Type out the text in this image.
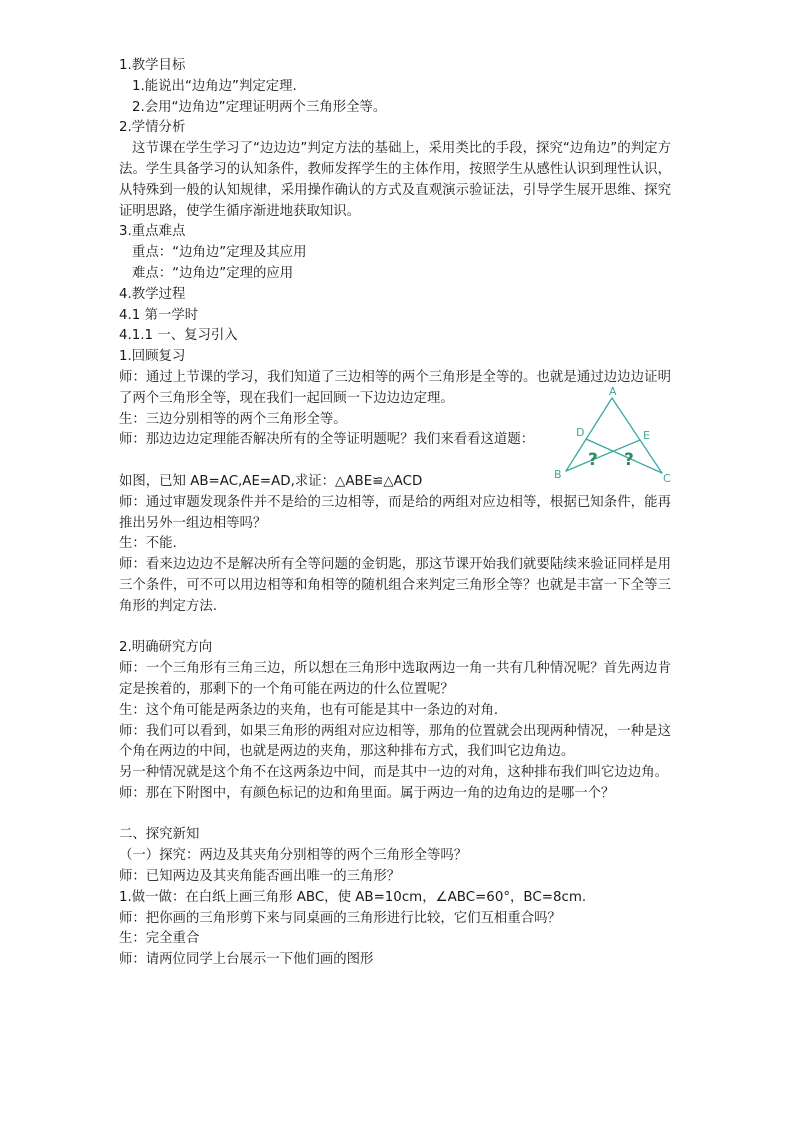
1.教学目标
1.能说出“边角边”判定定理.
2.会用“边角边”定理证明两个三角形全等。
2.学情分析
这节课在学生学习了“边边边”判定方法的基础上，采用类比的手段，探究“边角边”的判定方法。学生具备学习的认知条件，教师发挥学生的主体作用，按照学生从感性认识到理性认识，从特殊到一般的认知规律，采用操作确认的方式及直观演示验证法，引导学生展开思维、探究证明思路，使学生循序渐进地获取知识。
3.重点难点
重点：“边角边”定理及其应用
难点：“边角边”定理的应用
4.教学过程
4.1 第一学时
4.1.1 一、复习引入
1.回顾复习
师：通过上节课的学习，我们知道了三边相等的两个三角形是全等的。也就是通过边边边证明了两个三角形全等，现在我们一起回顾一下边边边定理。
生：三边分别相等的两个三角形全等。
师：那边边边定理能否解决所有的全等证明题呢？我们来看看这道题：
如图，已知 AB=AC,AE=AD,求证：△ABE≌△ACD
师：通过审题发现条件并不是给的三边相等，而是给的两组对应边相等，根据已知条件，能再推出另外一组边相等吗？
生：不能.
师：看来边边边不是解决所有全等问题的金钥匙，那这节课开始我们就要陆续来验证同样是用三个条件，可不可以用边相等和角相等的随机组合来判定三角形全等？也就是丰富一下全等三角形的判定方法.
2.明确研究方向
师：一个三角形有三角三边，所以想在三角形中选取两边一角一共有几种情况呢？首先两边肯定是挨着的，那剩下的一个角可能在两边的什么位置呢？
生：这个角可能是两条边的夹角，也有可能是其中一条边的对角.
师：我们可以看到，如果三角形的两组对应边相等，那角的位置就会出现两种情况，一种是这个角在两边的中间，也就是两边的夹角，那这种排布方式，我们叫它边角边。
另一种情况就是这个角不在这两条边中间，而是其中一边的对角，这种排布我们叫它边边角。
师：那在下附图中，有颜色标记的边和角里面。属于两边一角的边角边的是哪一个？
二、探究新知
（一）探究：两边及其夹角分别相等的两个三角形全等吗？
师：已知两边及其夹角能否画出唯一的三角形？
1.做一做：在白纸上画三角形 ABC，使 AB=10cm，∠ABC=60°，BC=8cm.
师：把你画的三角形剪下来与同桌画的三角形进行比较，它们互相重合吗？
生：完全重合
师：请两位同学上台展示一下他们画的图形
A
B	C
D	E
? ?
